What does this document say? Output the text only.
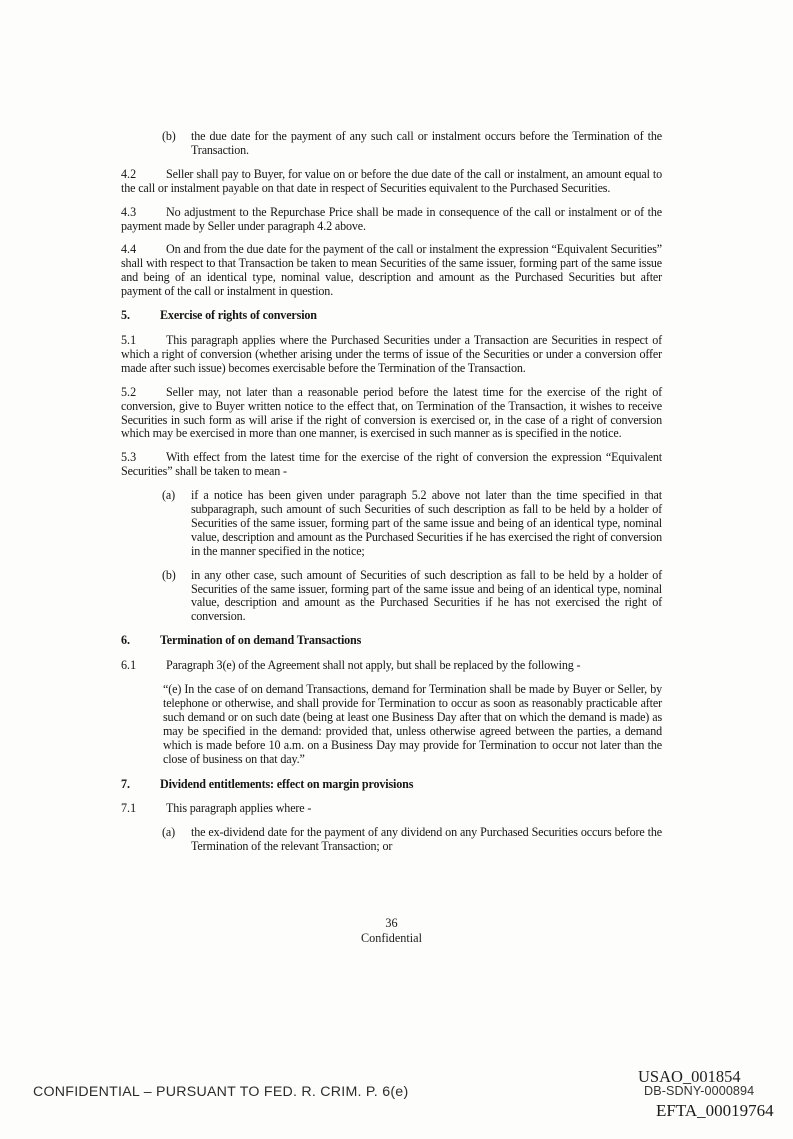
(b)	the due date for the payment of any such call or instalment occurs before the Termination of the Transaction.
4.2 Seller shall pay to Buyer, for value on or before the due date of the call or instalment, an amount equal to the call or instalment payable on that date in respect of Securities equivalent to the Purchased Securities.
4.3 No adjustment to the Repurchase Price shall be made in consequence of the call or instalment or of the payment made by Seller under paragraph 4.2 above.
4.4 On and from the due date for the payment of the call or instalment the expression “Equivalent Securities” shall with respect to that Transaction be taken to mean Securities of the same issuer, forming part of the same issue and being of an identical type, nominal value, description and amount as the Purchased Securities but after payment of the call or instalment in question.
5. Exercise of rights of conversion
5.1 This paragraph applies where the Purchased Securities under a Transaction are Securities in respect of which a right of conversion (whether arising under the terms of issue of the Securities or under a conversion offer made after such issue) becomes exercisable before the Termination of the Transaction.
5.2 Seller may, not later than a reasonable period before the latest time for the exercise of the right of conversion, give to Buyer written notice to the effect that, on Termination of the Transaction, it wishes to receive Securities in such form as will arise if the right of conversion is exercised or, in the case of a right of conversion which may be exercised in more than one manner, is exercised in such manner as is specified in the notice.
5.3 With effect from the latest time for the exercise of the right of conversion the expression “Equivalent Securities” shall be taken to mean -
(a)	if a notice has been given under paragraph 5.2 above not later than the time specified in that subparagraph, such amount of such Securities of such description as fall to be held by a holder of Securities of the same issuer, forming part of the same issue and being of an identical type, nominal value, description and amount as the Purchased Securities if he has exercised the right of conversion in the manner specified in the notice;
(b)	in any other case, such amount of Securities of such description as fall to be held by a holder of Securities of the same issuer, forming part of the same issue and being of an identical type, nominal value, description and amount as the Purchased Securities if he has not exercised the right of conversion.
6. Termination of on demand Transactions
6.1 Paragraph 3(e) of the Agreement shall not apply, but shall be replaced by the following -
“(e) In the case of on demand Transactions, demand for Termination shall be made by Buyer or Seller, by telephone or otherwise, and shall provide for Termination to occur as soon as reasonably practicable after such demand or on such date (being at least one Business Day after that on which the demand is made) as may be specified in the demand: provided that, unless otherwise agreed between the parties, a demand which is made before 10 a.m. on a Business Day may provide for Termination to occur not later than the close of business on that day.”
7. Dividend entitlements: effect on margin provisions
7.1 This paragraph applies where -
(a)	the ex-dividend date for the payment of any dividend on any Purchased Securities occurs before the Termination of the relevant Transaction; or
36
Confidential
CONFIDENTIAL – PURSUANT TO FED. R. CRIM. P. 6(e)
USAO_001854
DB-SDNY-0000894
EFTA_00019764
